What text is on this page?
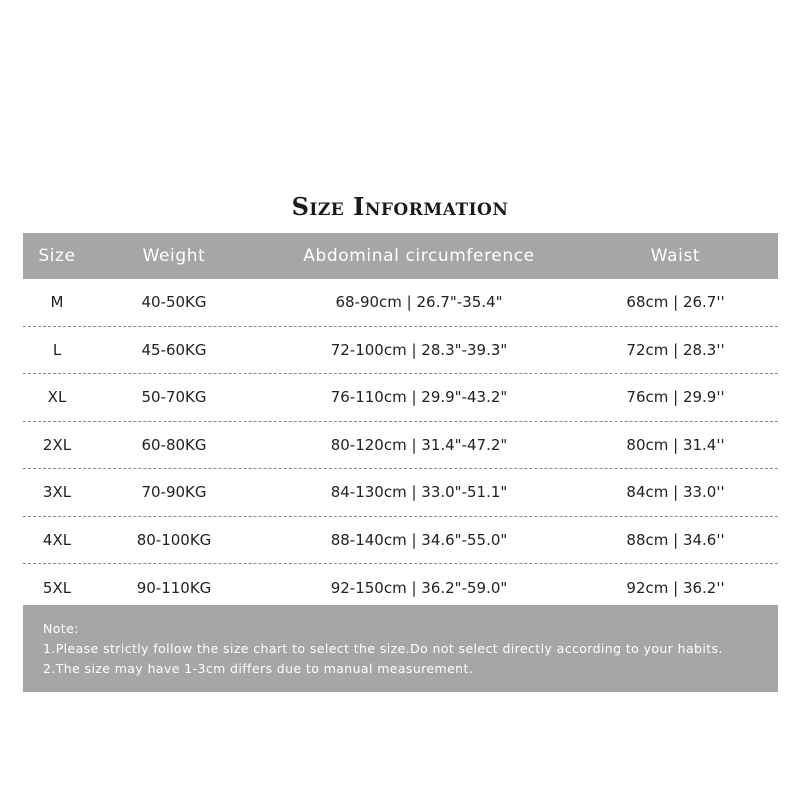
Size Information
Size	Weight	Abdominal circumference	Waist
M	40-50KG	68-90cm | 26.7"-35.4"	68cm | 26.7''
L	45-60KG	72-100cm | 28.3"-39.3"	72cm | 28.3''
XL	50-70KG	76-110cm | 29.9"-43.2"	76cm | 29.9''
2XL	60-80KG	80-120cm | 31.4"-47.2"	80cm | 31.4''
3XL	70-90KG	84-130cm | 33.0"-51.1"	84cm | 33.0''
4XL	80-100KG	88-140cm | 34.6"-55.0"	88cm | 34.6''
5XL	90-110KG	92-150cm | 36.2"-59.0"	92cm | 36.2''
Note:
1.Please strictly follow the size chart to select the size.Do not select directly according to your habits.
2.The size may have 1-3cm differs due to manual measurement.
